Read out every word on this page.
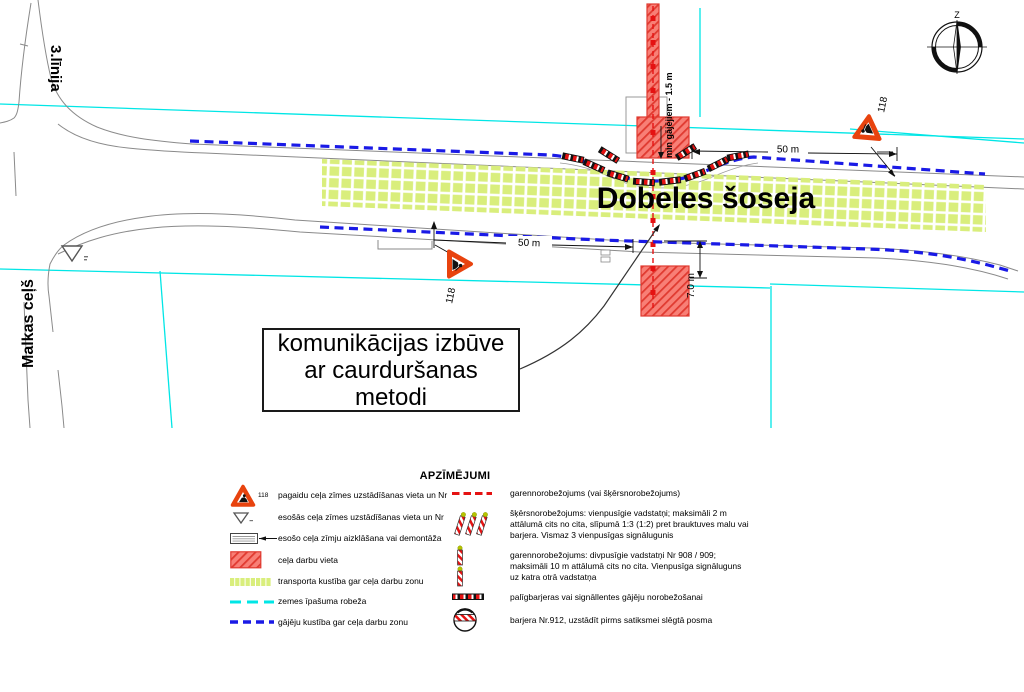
Z
3.līnija
Malkas ceļš
Dobeles šoseja
min gājējiem - 1.5 m	50 m
50 m
7.0 m
118
118
komunikācijas izbūve
ar caurduršanas
metodi
APZĪMĒJUMI
118 pagaidu ceļa zīmes uzstādīšanas vieta un Nr
esošās ceļa zīmes uzstādīšanas vieta un Nr
esošo ceļa zīmju aizklāšana vai demontāža
ceļa darbu vieta
transporta kustība gar ceļa darbu zonu
zemes īpašuma robeža
gājēju kustība gar ceļa darbu zonu
garennorobežojums (vai šķērsnorobežojums)
šķērsnorobežojums: vienpusīgie vadstatņi; maksimāli 2 m attālumā cits no cita, slīpumā 1:3 (1:2) pret brauktuves malu vai barjera. Vismaz 3 vienpusīgas signālugunis
garennorobežojums: divpusīgie vadstatņi Nr 908 / 909; maksimāli 10 m attālumā cits no cita. Vienpusīga signāluguns uz katra otrā vadstatņa
palīgbarjeras vai signāllentes gājēju norobežošanai
barjera Nr.912, uzstādīt pirms satiksmei slēgtā posma
